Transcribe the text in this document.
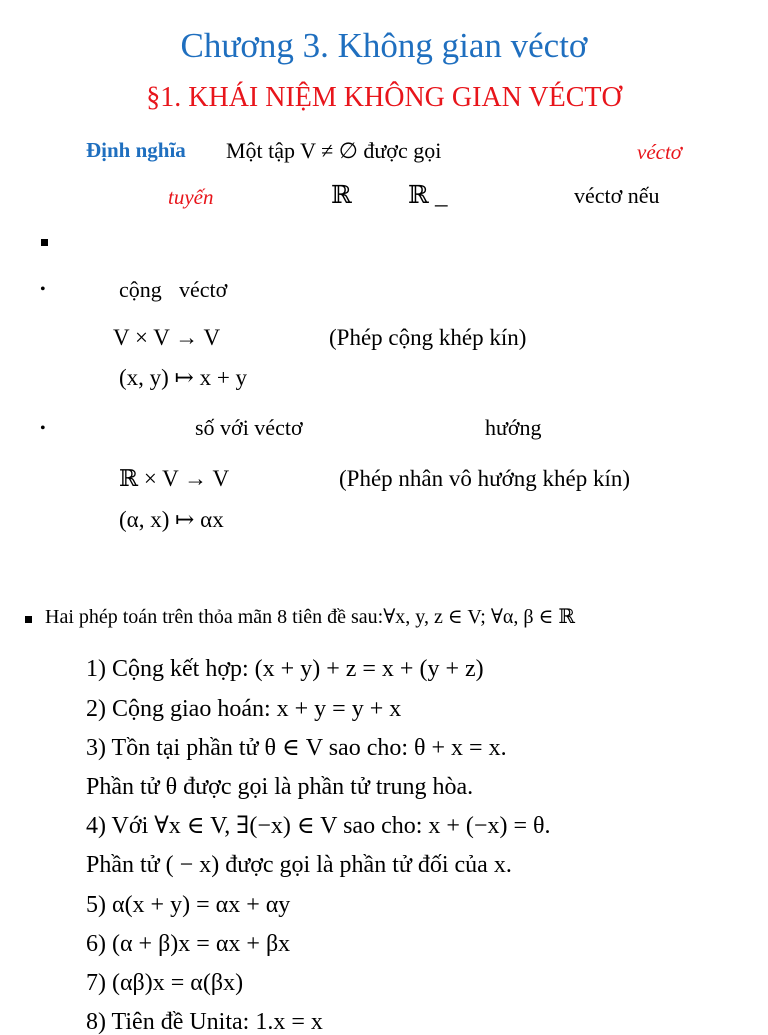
Chương 3. Không gian véctơ
§1. KHÁI NIỆM KHÔNG GIAN VÉCTƠ
Định nghĩa Một tập V ≠ ∅ được gọi	véctơ
tuyến	ℝ ℝ _	véctơ nếu
•	cộng véctơ
V × V → V	(Phép cộng khép kín)
(x, y) ↦ x + y
•	số với véctơ	hướng
ℝ × V → V	(Phép nhân vô hướng khép kín)
(α, x) ↦ αx
Hai phép toán trên thỏa mãn 8 tiên đề sau:∀x, y, z ∈ V; ∀α, β ∈ ℝ
1) Cộng kết hợp: (x + y) + z = x + (y + z)
2) Cộng giao hoán: x + y = y + x
3) Tồn tại phần tử θ ∈ V sao cho: θ + x = x.
Phần tử θ được gọi là phần tử trung hòa.
4) Với ∀x ∈ V, ∃(−x) ∈ V sao cho: x + (−x) = θ.
Phần tử ( − x) được gọi là phần tử đối của x.
5) α(x + y) = αx + αy
6) (α + β)x = αx + βx
7) (αβ)x = α(βx)
8) Tiên đề Unita: 1.x = x
